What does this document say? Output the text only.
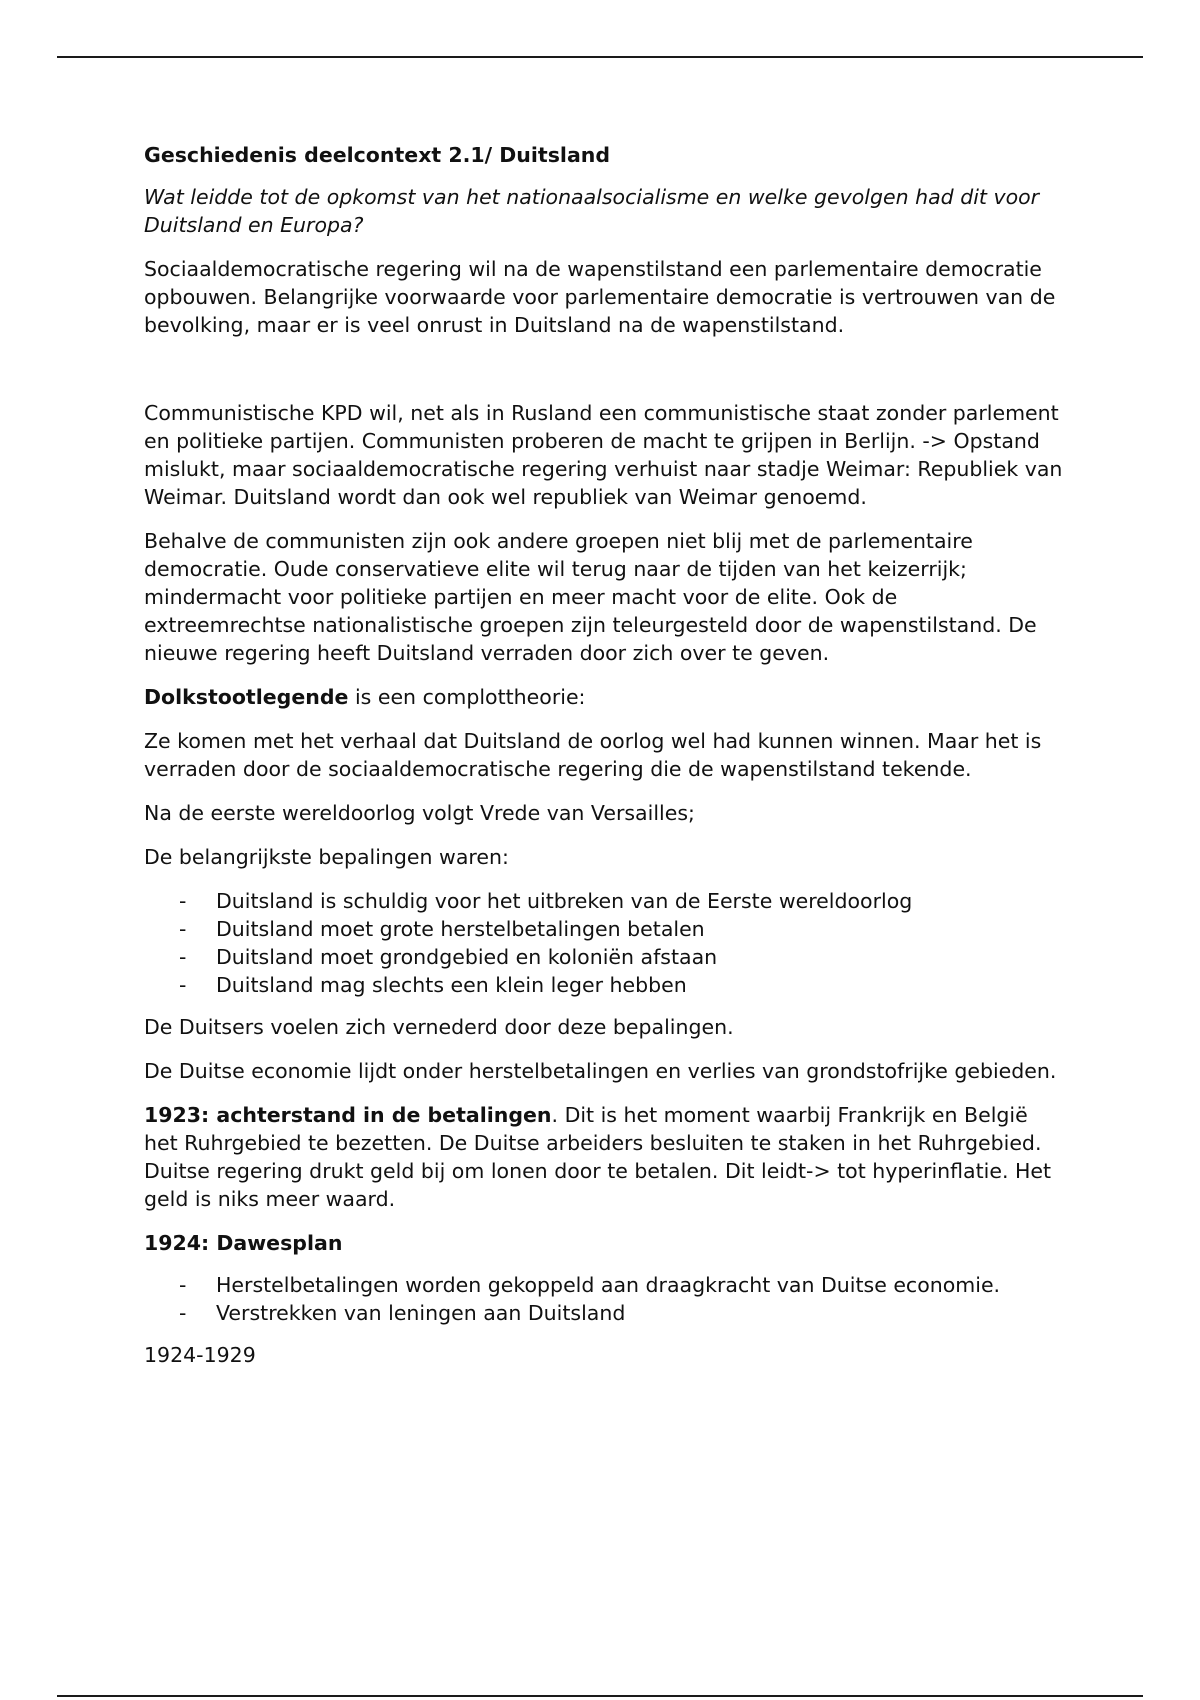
Geschiedenis deelcontext 2.1/ Duitsland

Wat leidde tot de opkomst van het nationaalsocialisme en welke gevolgen had dit voor Duitsland en Europa?

Sociaaldemocratische regering wil na de wapenstilstand een parlementaire democratie opbouwen. Belangrijke voorwaarde voor parlementaire democratie is vertrouwen van de bevolking, maar er is veel onrust in Duitsland na de wapenstilstand.

Communistische KPD wil, net als in Rusland een communistische staat zonder parlement en politieke partijen. Communisten proberen de macht te grijpen in Berlijn. -> Opstand mislukt, maar sociaaldemocratische regering verhuist naar stadje Weimar: Republiek van Weimar. Duitsland wordt dan ook wel republiek van Weimar genoemd.

Behalve de communisten zijn ook andere groepen niet blij met de parlementaire democratie. Oude conservatieve elite wil terug naar de tijden van het keizerrijk; mindermacht voor politieke partijen en meer macht voor de elite. Ook de extreemrechtse nationalistische groepen zijn teleurgesteld door de wapenstilstand. De nieuwe regering heeft Duitsland verraden door zich over te geven.

Dolkstootlegende is een complottheorie:

Ze komen met het verhaal dat Duitsland de oorlog wel had kunnen winnen. Maar het is verraden door de sociaaldemocratische regering die de wapenstilstand tekende.

Na de eerste wereldoorlog volgt Vrede van Versailles;

De belangrijkste bepalingen waren:

- Duitsland is schuldig voor het uitbreken van de Eerste wereldoorlog
- Duitsland moet grote herstelbetalingen betalen
- Duitsland moet grondgebied en koloniën afstaan
- Duitsland mag slechts een klein leger hebben

De Duitsers voelen zich vernederd door deze bepalingen.

De Duitse economie lijdt onder herstelbetalingen en verlies van grondstofrijke gebieden.

1923: achterstand in de betalingen. Dit is het moment waarbij Frankrijk en België het Ruhrgebied te bezetten. De Duitse arbeiders besluiten te staken in het Ruhrgebied. Duitse regering drukt geld bij om lonen door te betalen. Dit leidt-> tot hyperinflatie. Het geld is niks meer waard.

1924: Dawesplan

- Herstelbetalingen worden gekoppeld aan draagkracht van Duitse economie.
- Verstrekken van leningen aan Duitsland

1924-1929
